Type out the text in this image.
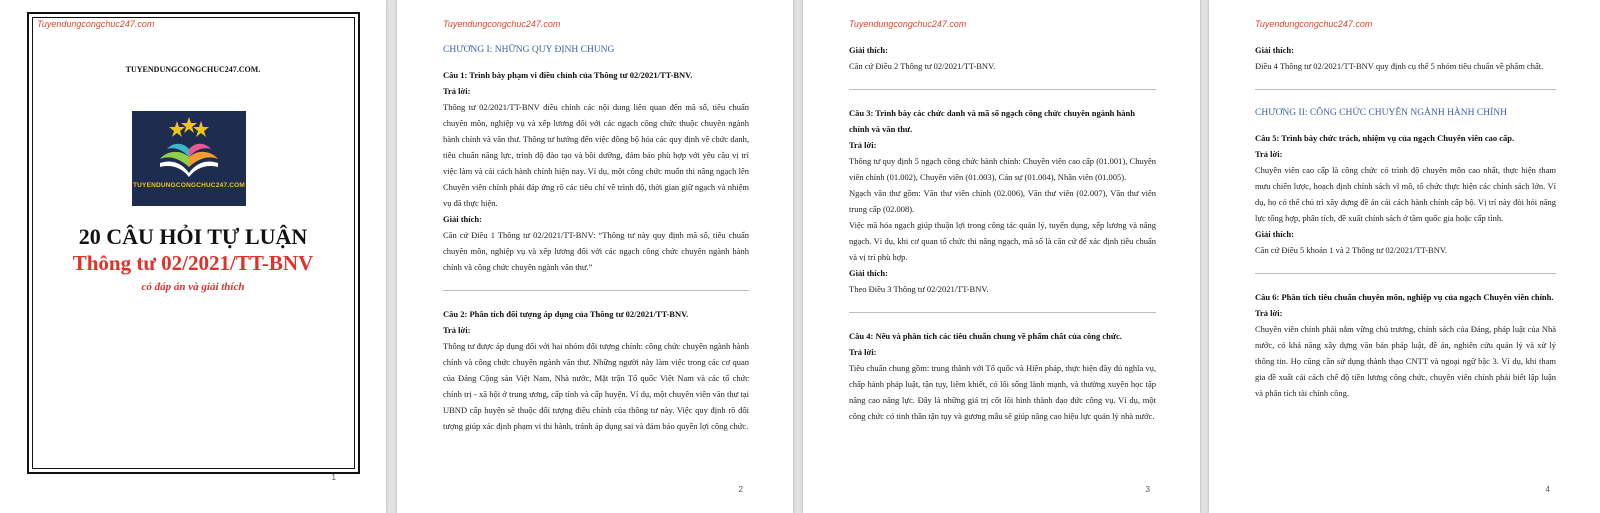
Tuyendungcongchuc247.com
TUYENDUNGCONGCHUC247.COM.
TUYENDUNGCONGCHUC247.COM
20 CÂU HỎI TỰ LUẬN
Thông tư 02/2021/TT-BNV
có đáp án và giải thích
1
Tuyendungcongchuc247.com

CHƯƠNG I: NHỮNG QUY ĐỊNH CHUNG

Câu 1: Trình bày phạm vi điều chỉnh của Thông tư 02/2021/TT-BNV.

Trả lời:

Thông tư 02/2021/TT-BNV điều chỉnh các nội dung liên quan đến mã số, tiêu chuẩn chuyên môn, nghiệp vụ và xếp lương đối với các ngạch công chức thuộc chuyên ngành hành chính và văn thư. Thông tư hướng đến việc đồng bộ hóa các quy định về chức danh, tiêu chuẩn năng lực, trình độ đào tạo và bồi dưỡng, đảm bảo phù hợp với yêu cầu vị trí việc làm và cải cách hành chính hiện nay. Ví dụ, một công chức muốn thi nâng ngạch lên Chuyên viên chính phải đáp ứng rõ các tiêu chí về trình độ, thời gian giữ ngạch và nhiệm vụ đã thực hiện.

Giải thích:

Căn cứ Điều 1 Thông tư 02/2021/TT-BNV: “Thông tư này quy định mã số, tiêu chuẩn chuyên môn, nghiệp vụ và xếp lương đối với các ngạch công chức chuyên ngành hành chính và công chức chuyên ngành văn thư.”

Câu 2: Phân tích đối tượng áp dụng của Thông tư 02/2021/TT-BNV.

Trả lời:

Thông tư được áp dụng đối với hai nhóm đối tượng chính: công chức chuyên ngành hành chính và công chức chuyên ngành văn thư. Những người này làm việc trong các cơ quan của Đảng Cộng sản Việt Nam, Nhà nước, Mặt trận Tổ quốc Việt Nam và các tổ chức chính trị - xã hội ở trung ương, cấp tỉnh và cấp huyện. Ví dụ, một chuyên viên văn thư tại UBND cấp huyện sẽ thuộc đối tượng điều chỉnh của thông tư này. Việc quy định rõ đối tượng giúp xác định phạm vi thi hành, tránh áp dụng sai và đảm bảo quyền lợi công chức.

2
Tuyendungcongchuc247.com

Giải thích:

Căn cứ Điều 2 Thông tư 02/2021/TT-BNV.

Câu 3: Trình bày các chức danh và mã số ngạch công chức chuyên ngành hành chính và văn thư.

Trả lời:

Thông tư quy định 5 ngạch công chức hành chính: Chuyên viên cao cấp (01.001), Chuyên viên chính (01.002), Chuyên viên (01.003), Cán sự (01.004), Nhân viên (01.005).

Ngạch văn thư gồm: Văn thư viên chính (02.006), Văn thư viên (02.007), Văn thư viên trung cấp (02.008).

Việc mã hóa ngạch giúp thuận lợi trong công tác quản lý, tuyển dụng, xếp lương và nâng ngạch. Ví dụ, khi cơ quan tổ chức thi nâng ngạch, mã số là căn cứ để xác định tiêu chuẩn và vị trí phù hợp.

Giải thích:

Theo Điều 3 Thông tư 02/2021/TT-BNV.

Câu 4: Nêu và phân tích các tiêu chuẩn chung về phẩm chất của công chức.

Trả lời:

Tiêu chuẩn chung gồm: trung thành với Tổ quốc và Hiến pháp, thực hiện đầy đủ nghĩa vụ, chấp hành pháp luật, tận tụy, liêm khiết, có lối sống lành mạnh, và thường xuyên học tập nâng cao năng lực. Đây là những giá trị cốt lõi hình thành đạo đức công vụ. Ví dụ, một công chức có tinh thần tận tụy và gương mẫu sẽ giúp nâng cao hiệu lực quản lý nhà nước.

3
Tuyendungcongchuc247.com

Giải thích:

Điều 4 Thông tư 02/2021/TT-BNV quy định cụ thể 5 nhóm tiêu chuẩn về phẩm chất.

CHƯƠNG II: CÔNG CHỨC CHUYÊN NGÀNH HÀNH CHÍNH

Câu 5: Trình bày chức trách, nhiệm vụ của ngạch Chuyên viên cao cấp.

Trả lời:

Chuyên viên cao cấp là công chức có trình độ chuyên môn cao nhất, thực hiện tham mưu chiến lược, hoạch định chính sách vĩ mô, tổ chức thực hiện các chính sách lớn. Ví dụ, họ có thể chủ trì xây dựng đề án cải cách hành chính cấp bộ. Vị trí này đòi hỏi năng lực tổng hợp, phân tích, đề xuất chính sách ở tầm quốc gia hoặc cấp tỉnh.

Giải thích:

Căn cứ Điều 5 khoản 1 và 2 Thông tư 02/2021/TT-BNV.

Câu 6: Phân tích tiêu chuẩn chuyên môn, nghiệp vụ của ngạch Chuyên viên chính.

Trả lời:

Chuyên viên chính phải nắm vững chủ trương, chính sách của Đảng, pháp luật của Nhà nước, có khả năng xây dựng văn bản pháp luật, đề án, nghiên cứu quản lý và xử lý thông tin. Họ cũng cần sử dụng thành thạo CNTT và ngoại ngữ bậc 3. Ví dụ, khi tham gia đề xuất cải cách chế độ tiền lương công chức, chuyên viên chính phải biết lập luận và phân tích tài chính công.

4
